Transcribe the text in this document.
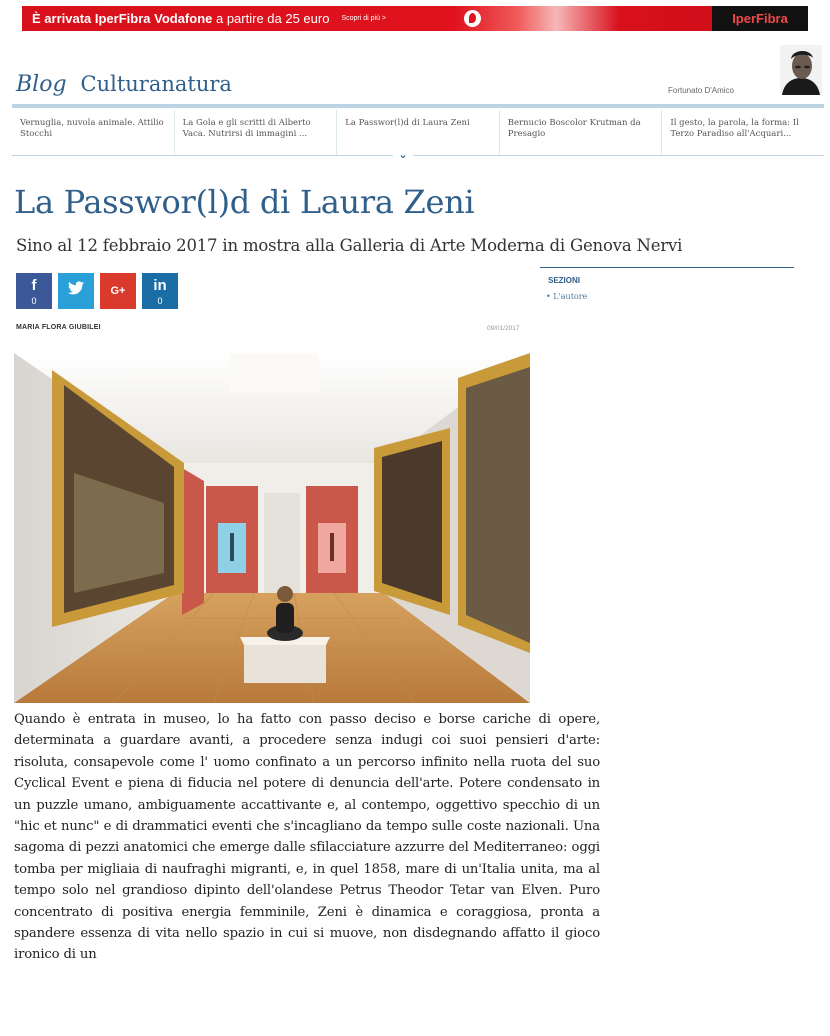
È arrivata IperFibra Vodafone a partire da 25 euro Scopri di più >	IperFibra
Blog Culturanatura	Fortunato D'Amico
Vernuglia, nuvola animale. Attilio Stocchi
La Gola e gli scritti di Alberto Vaca. Nutrirsi di immagini ...
La Passwor(l)d di Laura Zeni	Bernucio Boscolor Krutman da Presagio
Il gesto, la parola, la forma: Il Terzo Paradiso all'Acquari...
⌄
La Passwor(l)d di Laura Zeni
Sino al 12 febbraio 2017 in mostra alla Galleria di Arte Moderna di Genova Nervi
f
0
G+	in
0
SEZIONI
• L'autore
MARIA FLORA GIUBILEI	09/01/2017
Quando è entrata in museo, lo ha fatto con passo deciso e borse cariche di opere, determinata a guardare avanti, a procedere senza indugi coi suoi pensieri d'arte: risoluta, consapevole come l' uomo confinato a un percorso infinito nella ruota del suo Cyclical Event e piena di fiducia nel potere di denuncia dell'arte. Potere condensato in un puzzle umano, ambiguamente accattivante e, al contempo, oggettivo specchio di un "hic et nunc" e di drammatici eventi che s'incagliano da tempo sulle coste nazionali. Una sagoma di pezzi anatomici che emerge dalle sfilacciature azzurre del Mediterraneo: oggi tomba per migliaia di naufraghi migranti, e, in quel 1858, mare di un'Italia unita, ma al tempo solo nel grandioso dipinto dell'olandese Petrus Theodor Tetar van Elven. Puro concentrato di positiva energia femminile, Zeni è dinamica e coraggiosa, pronta a spandere essenza di vita nello spazio in cui si muove, non disdegnando affatto il gioco ironico di un
